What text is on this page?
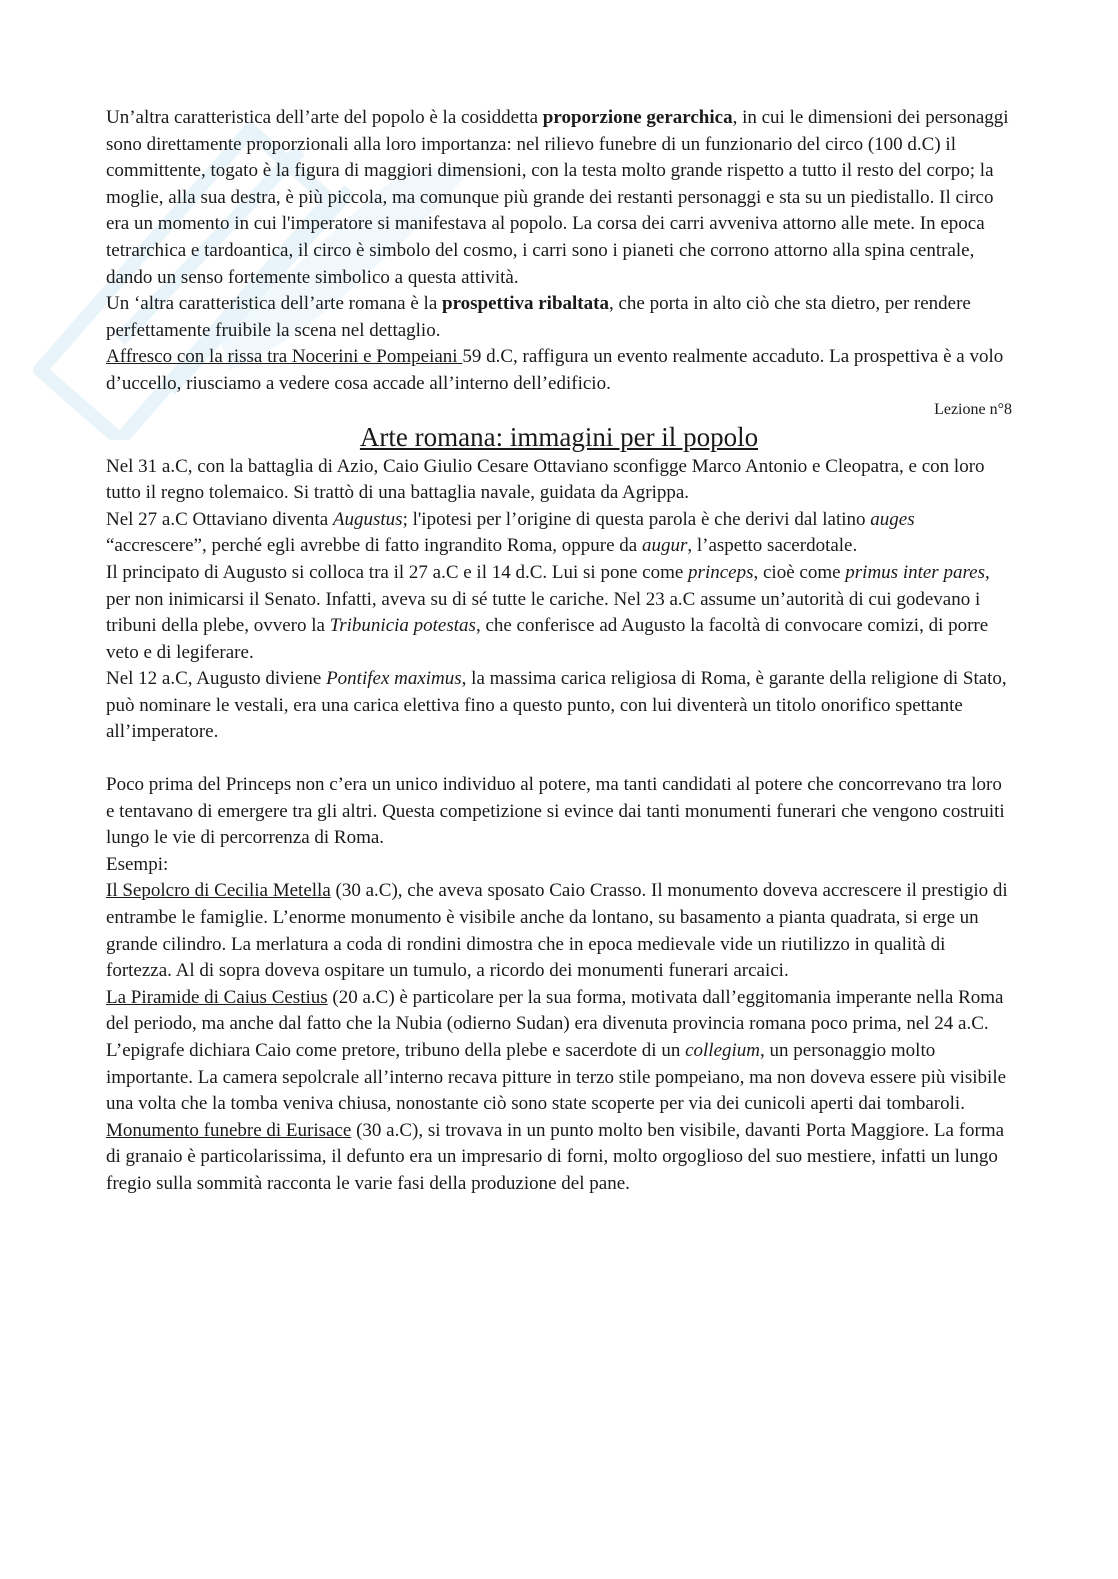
Un’altra caratteristica dell’arte del popolo è la cosiddetta proporzione gerarchica, in cui le dimensioni dei personaggi sono direttamente proporzionali alla loro importanza: nel rilievo funebre di un funzionario del circo (100 d.C) il committente, togato è la figura di maggiori dimensioni, con la testa molto grande rispetto a tutto il resto del corpo; la moglie, alla sua destra, è più piccola, ma comunque più grande dei restanti personaggi e sta su un piedistallo. Il circo era un momento in cui l'imperatore si manifestava al popolo. La corsa dei carri avveniva attorno alle mete. In epoca tetrarchica e tardoantica, il circo è simbolo del cosmo, i carri sono i pianeti che corrono attorno alla spina centrale, dando un senso fortemente simbolico a questa attività.

Un ‘altra caratteristica dell’arte romana è la prospettiva ribaltata, che porta in alto ciò che sta dietro, per rendere perfettamente fruibile la scena nel dettaglio.

Affresco con la rissa tra Nocerini e Pompeiani 59 d.C, raffigura un evento realmente accaduto. La prospettiva è a volo d’uccello, riusciamo a vedere cosa accade all’interno dell’edificio.

Lezione n°8
Arte romana: immagini per il popolo

Nel 31 a.C, con la battaglia di Azio, Caio Giulio Cesare Ottaviano sconfigge Marco Antonio e Cleopatra, e con loro tutto il regno tolemaico. Si trattò di una battaglia navale, guidata da Agrippa.

Nel 27 a.C Ottaviano diventa Augustus; l'ipotesi per l’origine di questa parola è che derivi dal latino auges “accrescere”, perché egli avrebbe di fatto ingrandito Roma, oppure da augur, l’aspetto sacerdotale.

Il principato di Augusto si colloca tra il 27 a.C e il 14 d.C. Lui si pone come princeps, cioè come primus inter pares, per non inimicarsi il Senato. Infatti, aveva su di sé tutte le cariche. Nel 23 a.C assume un’autorità di cui godevano i tribuni della plebe, ovvero la Tribunicia potestas, che conferisce ad Augusto la facoltà di convocare comizi, di porre veto e di legiferare.

Nel 12 a.C, Augusto diviene Pontifex maximus, la massima carica religiosa di Roma, è garante della religione di Stato, può nominare le vestali, era una carica elettiva fino a questo punto, con lui diventerà un titolo onorifico spettante all’imperatore.

Poco prima del Princeps non c’era un unico individuo al potere, ma tanti candidati al potere che concorrevano tra loro e tentavano di emergere tra gli altri. Questa competizione si evince dai tanti monumenti funerari che vengono costruiti lungo le vie di percorrenza di Roma.

Esempi:

Il Sepolcro di Cecilia Metella (30 a.C), che aveva sposato Caio Crasso. Il monumento doveva accrescere il prestigio di entrambe le famiglie. L’enorme monumento è visibile anche da lontano, su basamento a pianta quadrata, si erge un grande cilindro. La merlatura a coda di rondini dimostra che in epoca medievale vide un riutilizzo in qualità di fortezza. Al di sopra doveva ospitare un tumulo, a ricordo dei monumenti funerari arcaici.

La Piramide di Caius Cestius (20 a.C) è particolare per la sua forma, motivata dall’eggitomania imperante nella Roma del periodo, ma anche dal fatto che la Nubia (odierno Sudan) era divenuta provincia romana poco prima, nel 24 a.C. L’epigrafe dichiara Caio come pretore, tribuno della plebe e sacerdote di un collegium, un personaggio molto importante. La camera sepolcrale all’interno recava pitture in terzo stile pompeiano, ma non doveva essere più visibile una volta che la tomba veniva chiusa, nonostante ciò sono state scoperte per via dei cunicoli aperti dai tombaroli.

Monumento funebre di Eurisace (30 a.C), si trovava in un punto molto ben visibile, davanti Porta Maggiore. La forma di granaio è particolarissima, il defunto era un impresario di forni, molto orgoglioso del suo mestiere, infatti un lungo fregio sulla sommità racconta le varie fasi della produzione del pane.
